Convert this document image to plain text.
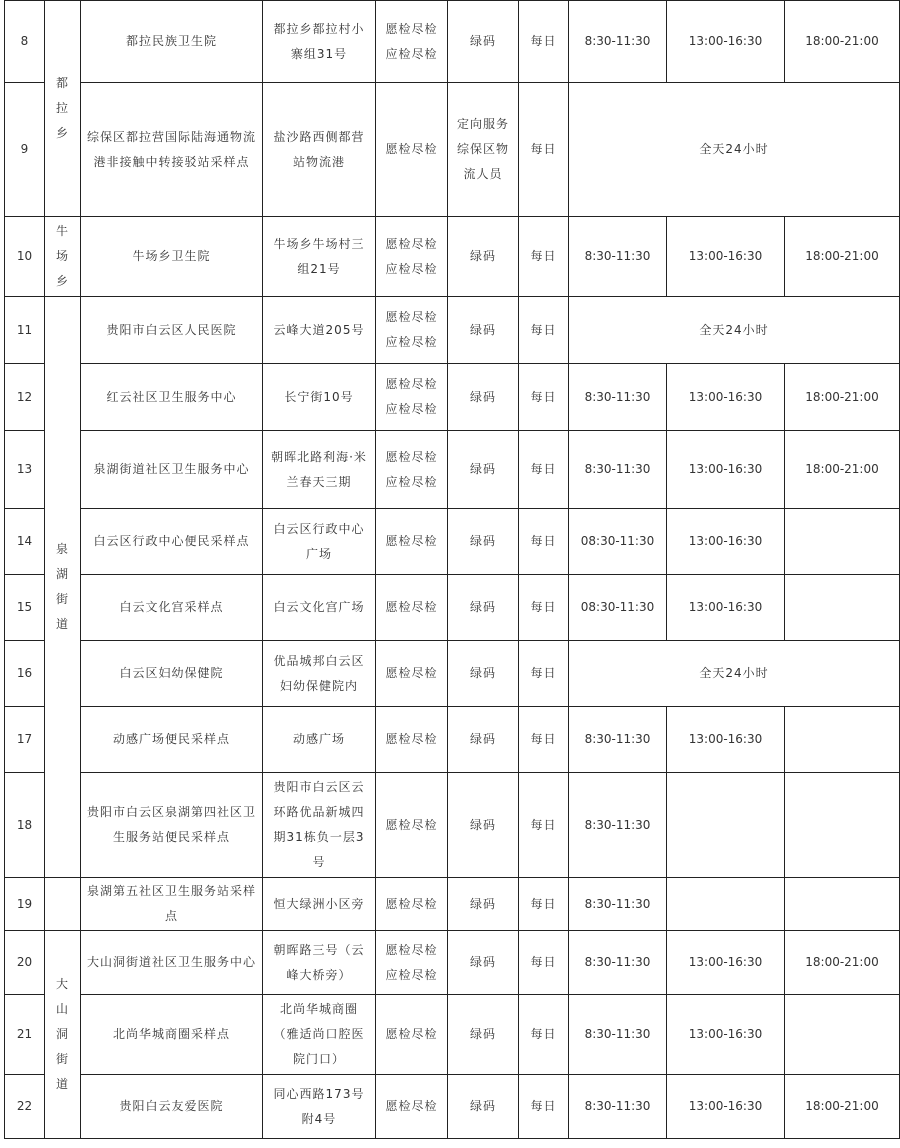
8	都拉乡	都拉民族卫生院	都拉乡都拉村小寨组31号	愿检尽检应检尽检	绿码	每日	8:30-11:30	13:00-16:30	18:00-21:00
9		综保区都拉营国际陆海通物流港非接触中转接驳站采样点	盐沙路西侧都营站物流港	愿检尽检	定向服务综保区物流人员	每日	全天24小时		
10	牛场乡	牛场乡卫生院	牛场乡牛场村三组21号	愿检尽检应检尽检	绿码	每日	8:30-11:30	13:00-16:30	18:00-21:00
11	泉湖街道	贵阳市白云区人民医院	云峰大道205号	愿检尽检应检尽检	绿码	每日	全天24小时		
12		红云社区卫生服务中心	长宁街10号	愿检尽检应检尽检	绿码	每日	8:30-11:30	13:00-16:30	18:00-21:00
13		泉湖街道社区卫生服务中心	朝晖北路利海·米兰春天三期	愿检尽检应检尽检	绿码	每日	8:30-11:30	13:00-16:30	18:00-21:00
14		白云区行政中心便民采样点	白云区行政中心广场	愿检尽检	绿码	每日	08:30-11:30	13:00-16:30	
15		白云文化宫采样点	白云文化宫广场	愿检尽检	绿码	每日	08:30-11:30	13:00-16:30	
16		白云区妇幼保健院	优品城邦白云区妇幼保健院内	愿检尽检	绿码	每日	全天24小时		
17		动感广场便民采样点	动感广场	愿检尽检	绿码	每日	8:30-11:30	13:00-16:30	
18		贵阳市白云区泉湖第四社区卫生服务站便民采样点	贵阳市白云区云环路优品新城四期31栋负一层3号	愿检尽检	绿码	每日	8:30-11:30		
19		泉湖第五社区卫生服务站采样点	恒大绿洲小区旁	愿检尽检	绿码	每日	8:30-11:30		
20	大山洞街道	大山洞街道社区卫生服务中心	朝晖路三号（云峰大桥旁）	愿检尽检应检尽检	绿码	每日	8:30-11:30	13:00-16:30	18:00-21:00
21		北尚华城商圈采样点	北尚华城商圈（雅适尚口腔医院门口）	愿检尽检	绿码	每日	8:30-11:30	13:00-16:30	
22		贵阳白云友爱医院	同心西路173号附4号	愿检尽检	绿码	每日	8:30-11:30	13:00-16:30	18:00-21:00
